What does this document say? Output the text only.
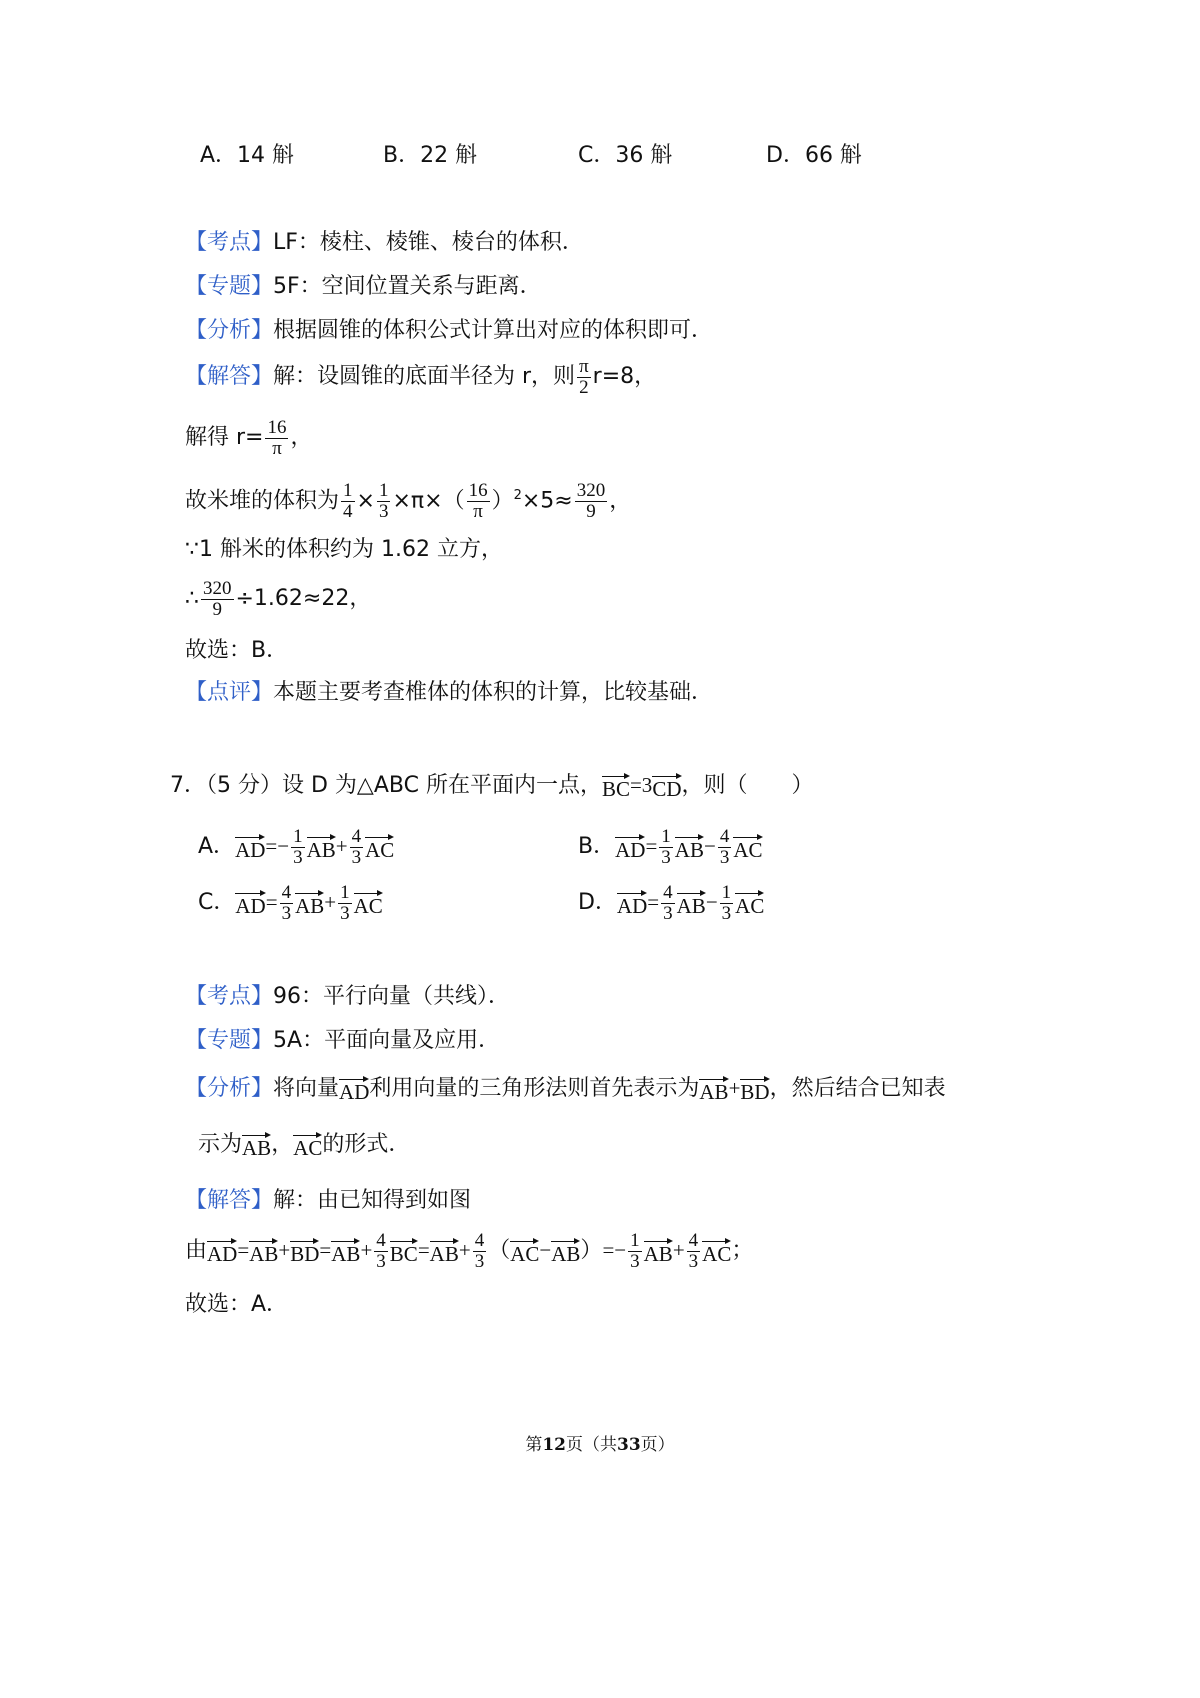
A．14 斛	B．22 斛	C．36 斛	D．66 斛
【考点】LF：棱柱、棱锥、棱台的体积．
【专题】5F：空间位置关系与距离．
【分析】根据圆锥的体积公式计算出对应的体积即可．
【解答】解：设圆锥的底面半径为 r，则 $\frac{\pi}{2} r=8$，
解得 $r= \frac{16}{\pi}$ ，
故米堆的体积为 $\frac{1}{4} \times \frac{1}{3} \times\pi\times( \frac{16}{\pi} )^2\times 5\approx \frac{320}{9}$ ，
∵1 斛米的体积约为 1.62 立方，
∴ $\frac{320}{9} \div 1.62\approx 22$，
故选：B．
【点评】本题主要考查椎体的体积的计算，比较基础．
7．（5 分）设 D 为△ABC 所在平面内一点，BC=3CD，则（　　）
A．$AD=- \frac{1}{3} AB+ \frac{4}{3}$ AC	B．$AD= \frac{1}{3} AB- \frac{4}{3}$ AC
C．$AD= \frac{4}{3} AB+ \frac{1}{3}$ AC	D．$AD= \frac{4}{3} AB- \frac{1}{3}$ AC
【考点】96：平行向量（共线）．
【专题】5A：平面向量及应用．
【分析】将向量AD利用向量的三角形法则首先表示为AB+BD，然后结合已知表
示为AB，AC的形式．
【解答】解：由已知得到如图
由$AD=AB+BD=AB+ \frac{4}{3} BC=AB+ \frac{4}{3} (AC-AB)=- \frac{1}{3} AB+ \frac{4}{3}$ AC；
故选：A．
第12页（共33页）
